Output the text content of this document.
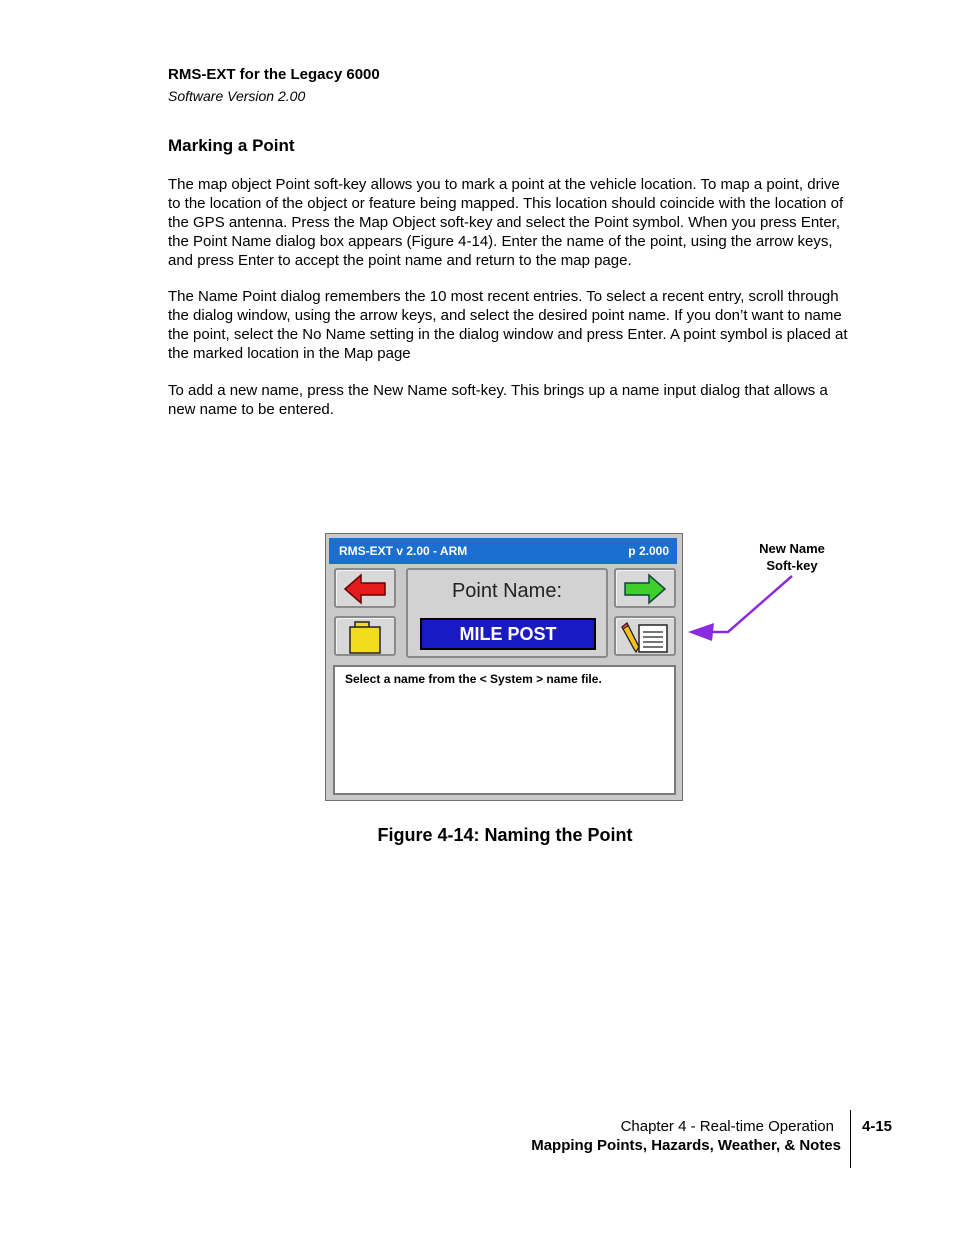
RMS-EXT for the Legacy 6000
Software Version 2.00
Marking a Point

The map object Point soft-key allows you to mark a point at the vehicle location. To map a point, drive to the location of the object or feature being mapped. This location should coincide with the location of the GPS antenna. Press the Map Object soft-key and select the Point symbol. When you press Enter, the Point Name dialog box appears (Figure 4-14). Enter the name of the point, using the arrow keys, and press Enter to accept the point name and return to the map page.

The Name Point dialog remembers the 10 most recent entries. To select a recent entry, scroll through the dialog window, using the arrow keys, and select the desired point name. If you don’t want to name the point, select the No Name setting in the dialog window and press Enter. A point symbol is placed at the marked location in the Map page

To add a new name, press the New Name soft-key. This brings up a name input dialog that allows a new name to be entered.

RMS-EXT v 2.00 - ARM	p 2.000
Point Name:
MILE POST
Select a name from the < System > name file.
New Name
Soft-key
Figure 4-14: Naming the Point
Chapter 4 - Real-time Operation
Mapping Points, Hazards, Weather, & Notes
4-15
